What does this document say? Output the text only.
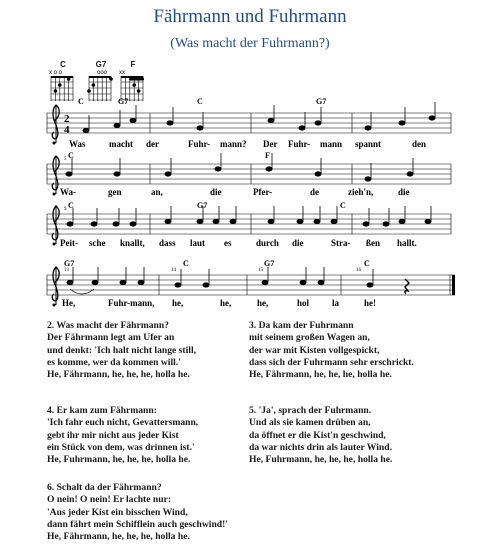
Fährmann und Fuhrmann
(Was macht der Fuhrmann?)
C
x o o
G7
ooo
F
xx
2
4
C	G7	C	G7
Was	macht der	Fuhr- mann? Der Fuhr- mann spannt	den
5 C	F
Wa-	gen	an,	die	Pfer-	de	zieh'n,	die
9 C	G7	C
Peit- sche knallt, dass laut es	durch die	Stra- ßen hallt.
13	14	15	16
G7	C	G7	C
He,	Fuhr-mann, he,	he,	he,	hol	la	he!
2. Was macht der Fährmann?
Der Fährmann legt am Ufer an
und denkt: 'Ich halt nicht lange still,
es komme, wer da kommen will.'
He, Fährmann, he, he, he, holla he.
3. Da kam der Fuhrmann
mit seinem großen Wagen an,
der war mit Kisten vollgespickt,
dass sich der Fuhrmann sehr erschrickt.
He, Fährmann, he, he, he, holla he.
4. Er kam zum Fährmann:
'Ich fahr euch nicht, Gevattersmann,
gebt ihr mir nicht aus jeder Kist
ein Stück von dem, was drinnen ist.'
He, Fuhrmann, he, he, he, holla he.
5. 'Ja', sprach der Fuhrmann.
Und als sie kamen drüben an,
da öffnet er die Kist'n geschwind,
da war nichts drin als lauter Wind.
He, Fuhrmann, he, he, he, holla he.
6. Schalt da der Fährmann?
O nein! O nein! Er lachte nur:
'Aus jeder Kist ein bisschen Wind,
dann fährt mein Schifflein auch geschwind!'
He, Fährmann, he, he, he, holla he.
